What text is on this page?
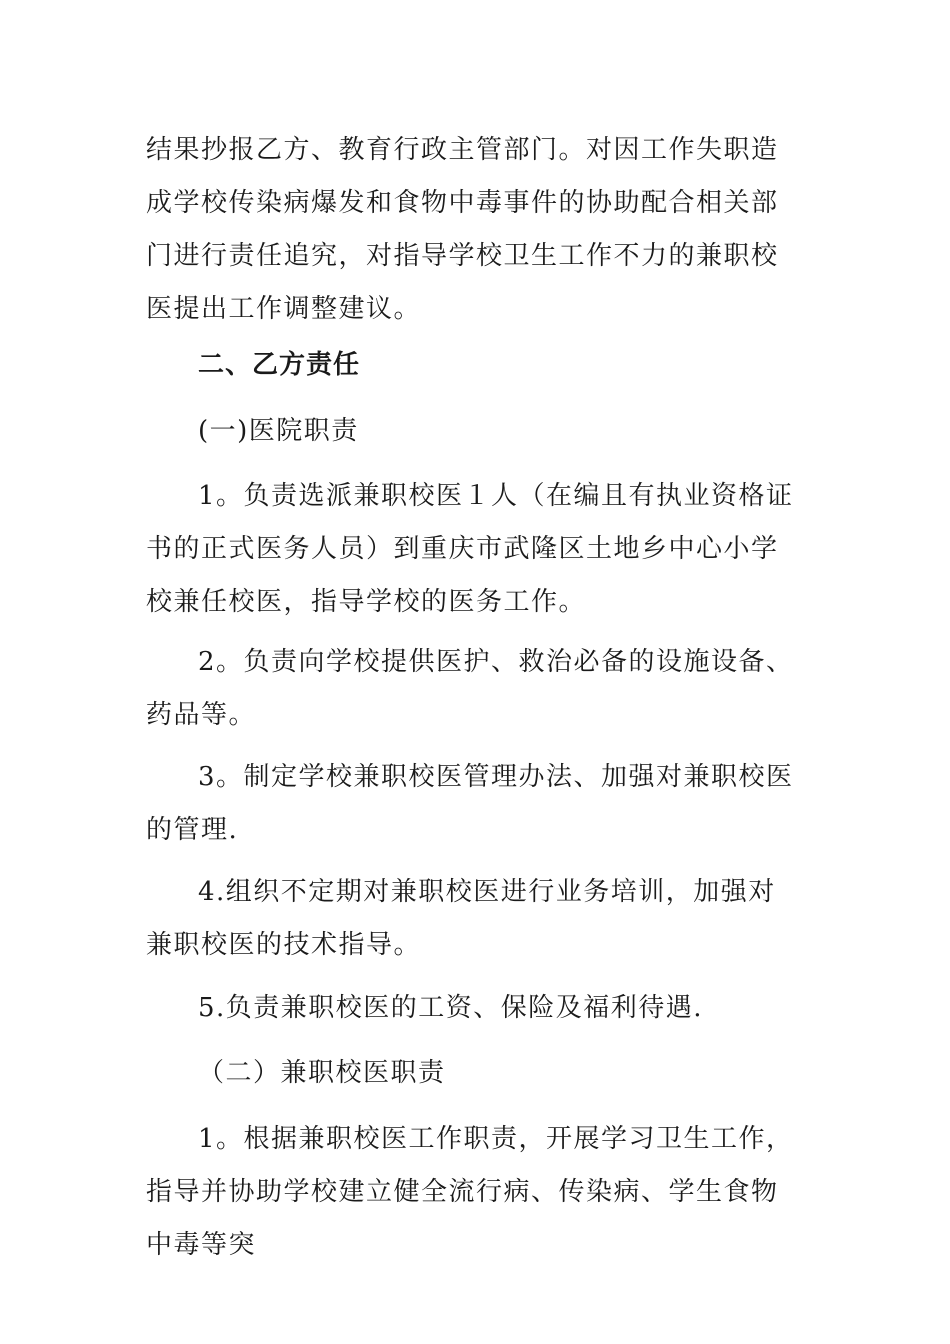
结果抄报乙方、教育行政主管部门。对因工作失职造成学校传染病爆发和食物中毒事件的协助配合相关部门进行责任追究，对指导学校卫生工作不力的兼职校医提出工作调整建议。

二、乙方责任

(一)医院职责

1。负责选派兼职校医１人（在编且有执业资格证书的正式医务人员）到重庆市武隆区土地乡中心小学校兼任校医，指导学校的医务工作。

2。负责向学校提供医护、救治必备的设施设备、药品等。

3。制定学校兼职校医管理办法、加强对兼职校医的管理.

4.组织不定期对兼职校医进行业务培训，加强对兼职校医的技术指导。

5.负责兼职校医的工资、保险及福利待遇.

（二）兼职校医职责

1。根据兼职校医工作职责，开展学习卫生工作，指导并协助学校建立健全流行病、传染病、学生食物中毒等突
